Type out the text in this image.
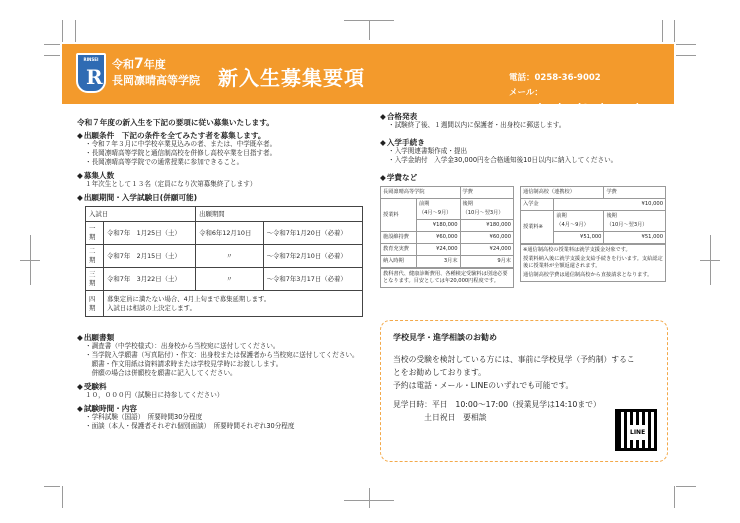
RINSEI
R
令和7年度
長岡凛晴高等学院 新入生募集要項	電話：0258-36-9002
メール：nagaoka_rinsei@yahoo.co.jp
令和７年度の新入生を下記の要項に従い募集いたします。
◆ 出願条件　下記の条件を全てみたす者を募集します。
・令和７年３月に中学校卒業見込みの者、または、中学既卒者。
・長岡凛晴高等学院と通信制高校を併修し高校卒業を目指す者。
・長岡凛晴高等学院での通常授業に参加できること。
◆ 募集人数
１年次生として１３名（定員になり次第募集終了します）
◆ 出願期間・入学試験日(併願可能)
入試日		出願期間	
一期	令和7年　1月25日（土）	令和6年12月10日	〜令和7年1月20日（必着）
二期	令和7年　2月15日（土）	〃	〜令和7年2月10日（必着）
三期	令和7年　3月22日（土）	〃	〜令和7年3月17日（必着）
四期	募集定員に満たない場合、4月上旬まで募集延期します。
入試日は相談の上決定します。		
◆ 出願書類
・調査書（中学校様式）：出身校から当校宛に送付してください。
・当学院入学願書（写真貼付）・作文：出身校または保護者から当校宛に送付してください。
　願書・作文用紙は資料請求時または学校見学時にお渡しします。
　併願の場合は併願校を願書に記入してください。
◆ 受験料
１０，０００円（試験日に持参してください）
◆ 試験時間・内容
・学科試験（国語）　所要時間30分程度
・面談（本人・保護者それぞれ個別面談）　所要時間それぞれ30分程度
◆ 合格発表
・試験終了後、１週間以内に保護者・出身校に郵送します。
◆ 入学手続き
・入学関連書類作成・提出
・入学金納付　入学金30,000円を合格通知後10日以内に納入してください。
◆ 学費など
長岡凛晴高等学院		学費
授業料	前期
（4月〜9月）	後期
（10月〜翌3月）
	¥180,000	¥180,000
施設維持費	¥60,000	¥60,000
教育充実費	¥24,000	¥24,000
納入時期	3月末	9月末
教科書代、健康診断費用、各種検定受験料は別途必要となります。目安としては年20,000円程度です。
通信制高校（連携校）		学費
入学金	¥10,000	
授業料※	前期
（4月〜9月）	後期
（10月〜翌3月）
	¥51,000	¥51,000
※通信制高校の授業料は就学支援金対象です。
授業料納入後に就学支援金支給手続きを行います。支給認定後に授業料が全額返還されます。
通信制高校学費は通信制高校から直接請求となります。
学校見学・進学相談のお勧め
当校の受験を検討している方には、事前に学校見学（予約制）するこ
とをお勧めしております。
予約は電話・メール・LINEのいずれでも可能です。
見学日時：平日　10:00〜17:00（授業見学は14:10まで）
　　　　土日祝日　要相談
LINE
